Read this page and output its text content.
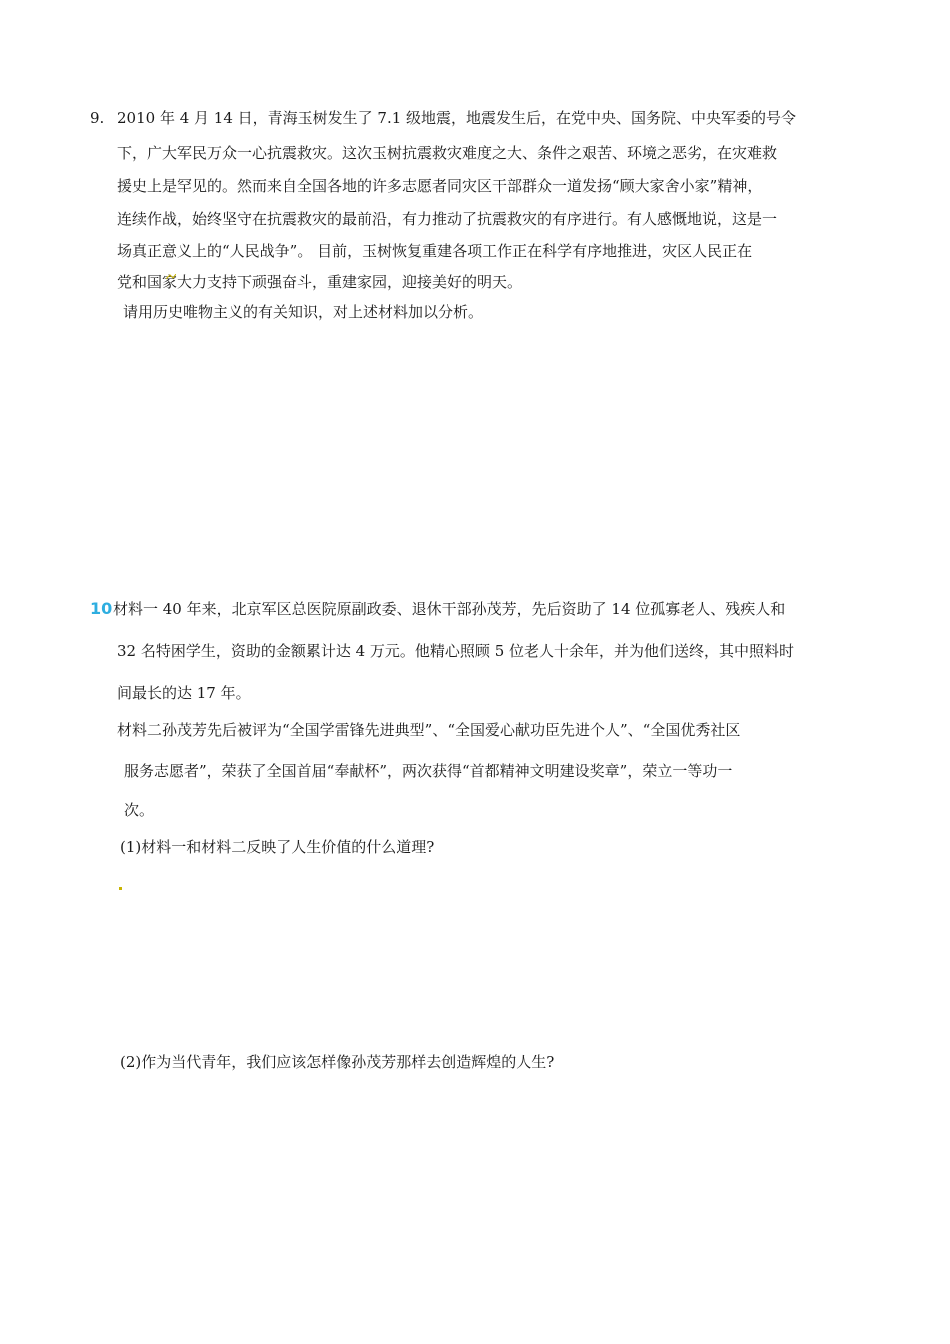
9. 2010 年 4 月 14 日，青海玉树发生了 7.1 级地震，地震发生后，在党中央、国务院、中央军委的号令
下，广大军民万众一心抗震救灾。这次玉树抗震救灾难度之大、条件之艰苦、环境之恶劣，在灾难救
援史上是罕见的。然而来自全国各地的许多志愿者同灾区干部群众一道发扬“顾大家舍小家”精神，
连续作战，始终坚守在抗震救灾的最前沿，有力推动了抗震救灾的有序进行。有人感慨地说，这是一
场真正意义上的“人民战争”。 目前，玉树恢复重建各项工作正在科学有序地推进，灾区人民正在
党和国家大力支持下顽强奋斗，重建家园，迎接美好的明天。
请用历史唯物主义的有关知识，对上述材料加以分析。
10 材料一 40 年来，北京军区总医院原副政委、退休干部孙茂芳，先后资助了 14 位孤寡老人、残疾人和
32 名特困学生，资助的金额累计达 4 万元。他精心照顾 5 位老人十余年，并为他们送终，其中照料时
间最长的达 17 年。
材料二孙茂芳先后被评为“全国学雷锋先进典型”、“全国爱心献功臣先进个人”、“全国优秀社区
服务志愿者”，荣获了全国首届“奉献杯”，两次获得“首都精神文明建设奖章”，荣立一等功一
次。
(1)材料一和材料二反映了人生价值的什么道理?
(2)作为当代青年，我们应该怎样像孙茂芳那样去创造辉煌的人生?
